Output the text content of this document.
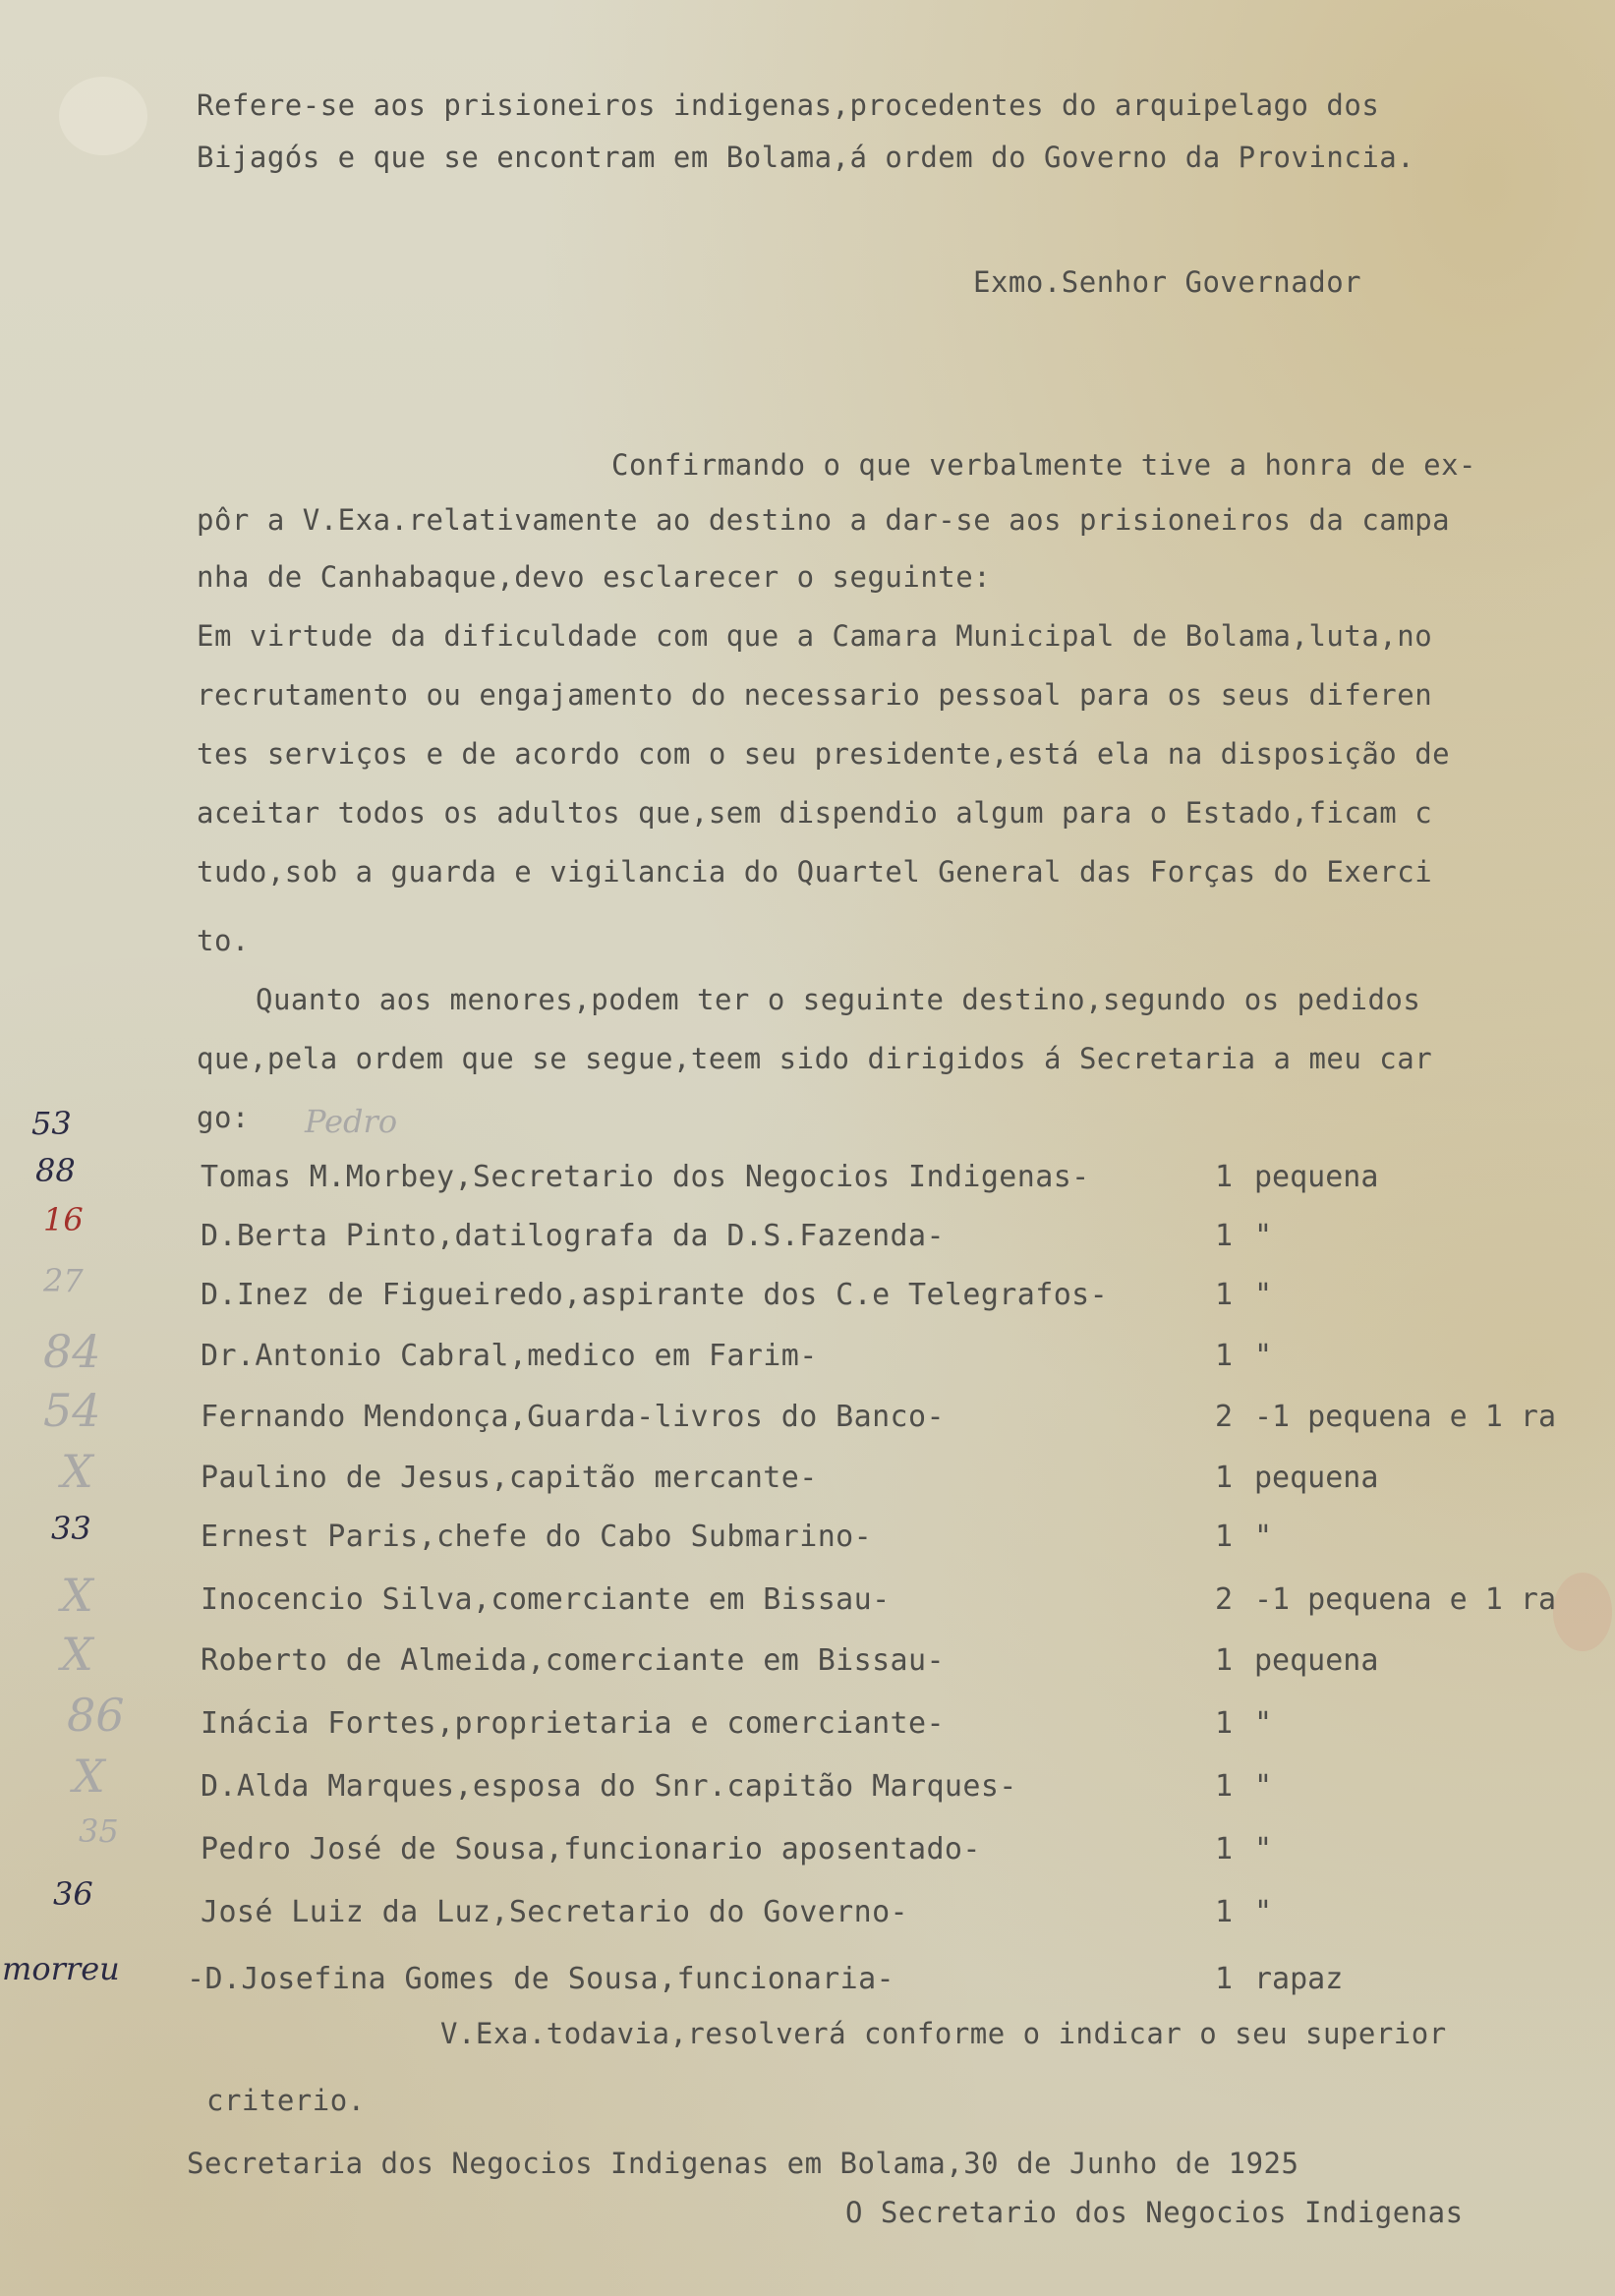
Refere-se aos prisioneiros indigenas,procedentes do arquipelago dos
Bijagós e que se encontram em Bolama,á ordem do Governo da Provincia.
Exmo.Senhor Governador
Confirmando o que verbalmente tive a honra de ex-
pôr a V.Exa.relativamente ao destino a dar-se aos prisioneiros da campa
nha de Canhabaque,devo esclarecer o seguinte:
Em virtude da dificuldade com que a Camara Municipal de Bolama,luta,no
recrutamento ou engajamento do necessario pessoal para os seus diferen
tes serviços e de acordo com o seu presidente,está ela na disposição de
aceitar todos os adultos que,sem dispendio algum para o Estado,ficam c
tudo,sob a guarda e vigilancia do Quartel General das Forças do Exerci
to.
Quanto aos menores,podem ter o seguinte destino,segundo os pedidos
que,pela ordem que se segue,teem sido dirigidos á Secretaria a meu car
go:
53	Pedro
88	Tomas M.Morbey,Secretario dos Negocios Indigenas-	1 pequena
16	D.Berta Pinto,datilografa da D.S.Fazenda-	1 "
27	D.Inez de Figueiredo,aspirante dos C.e Telegrafos-	1 "
84	Dr.Antonio Cabral,medico em Farim-	1 "
54	Fernando Mendonça,Guarda-livros do Banco-	2 -1 pequena e 1 ra
X	Paulino de Jesus,capitão mercante-	1 pequena
33	Ernest Paris,chefe do Cabo Submarino-	1 "
X	Inocencio Silva,comerciante em Bissau-	2 -1 pequena e 1 ra
X	Roberto de Almeida,comerciante em Bissau-	1 pequena
86	Inácia Fortes,proprietaria e comerciante-	1 "
X	D.Alda Marques,esposa do Snr.capitão Marques-	1 "
35	Pedro José de Sousa,funcionario aposentado-	1 "
36	José Luiz da Luz,Secretario do Governo-	1 "
morreu -D.Josefina Gomes de Sousa,funcionaria-	1 rapaz
V.Exa.todavia,resolverá conforme o indicar o seu superior
criterio.
Secretaria dos Negocios Indigenas em Bolama,30 de Junho de 1925
O Secretario dos Negocios Indigenas
